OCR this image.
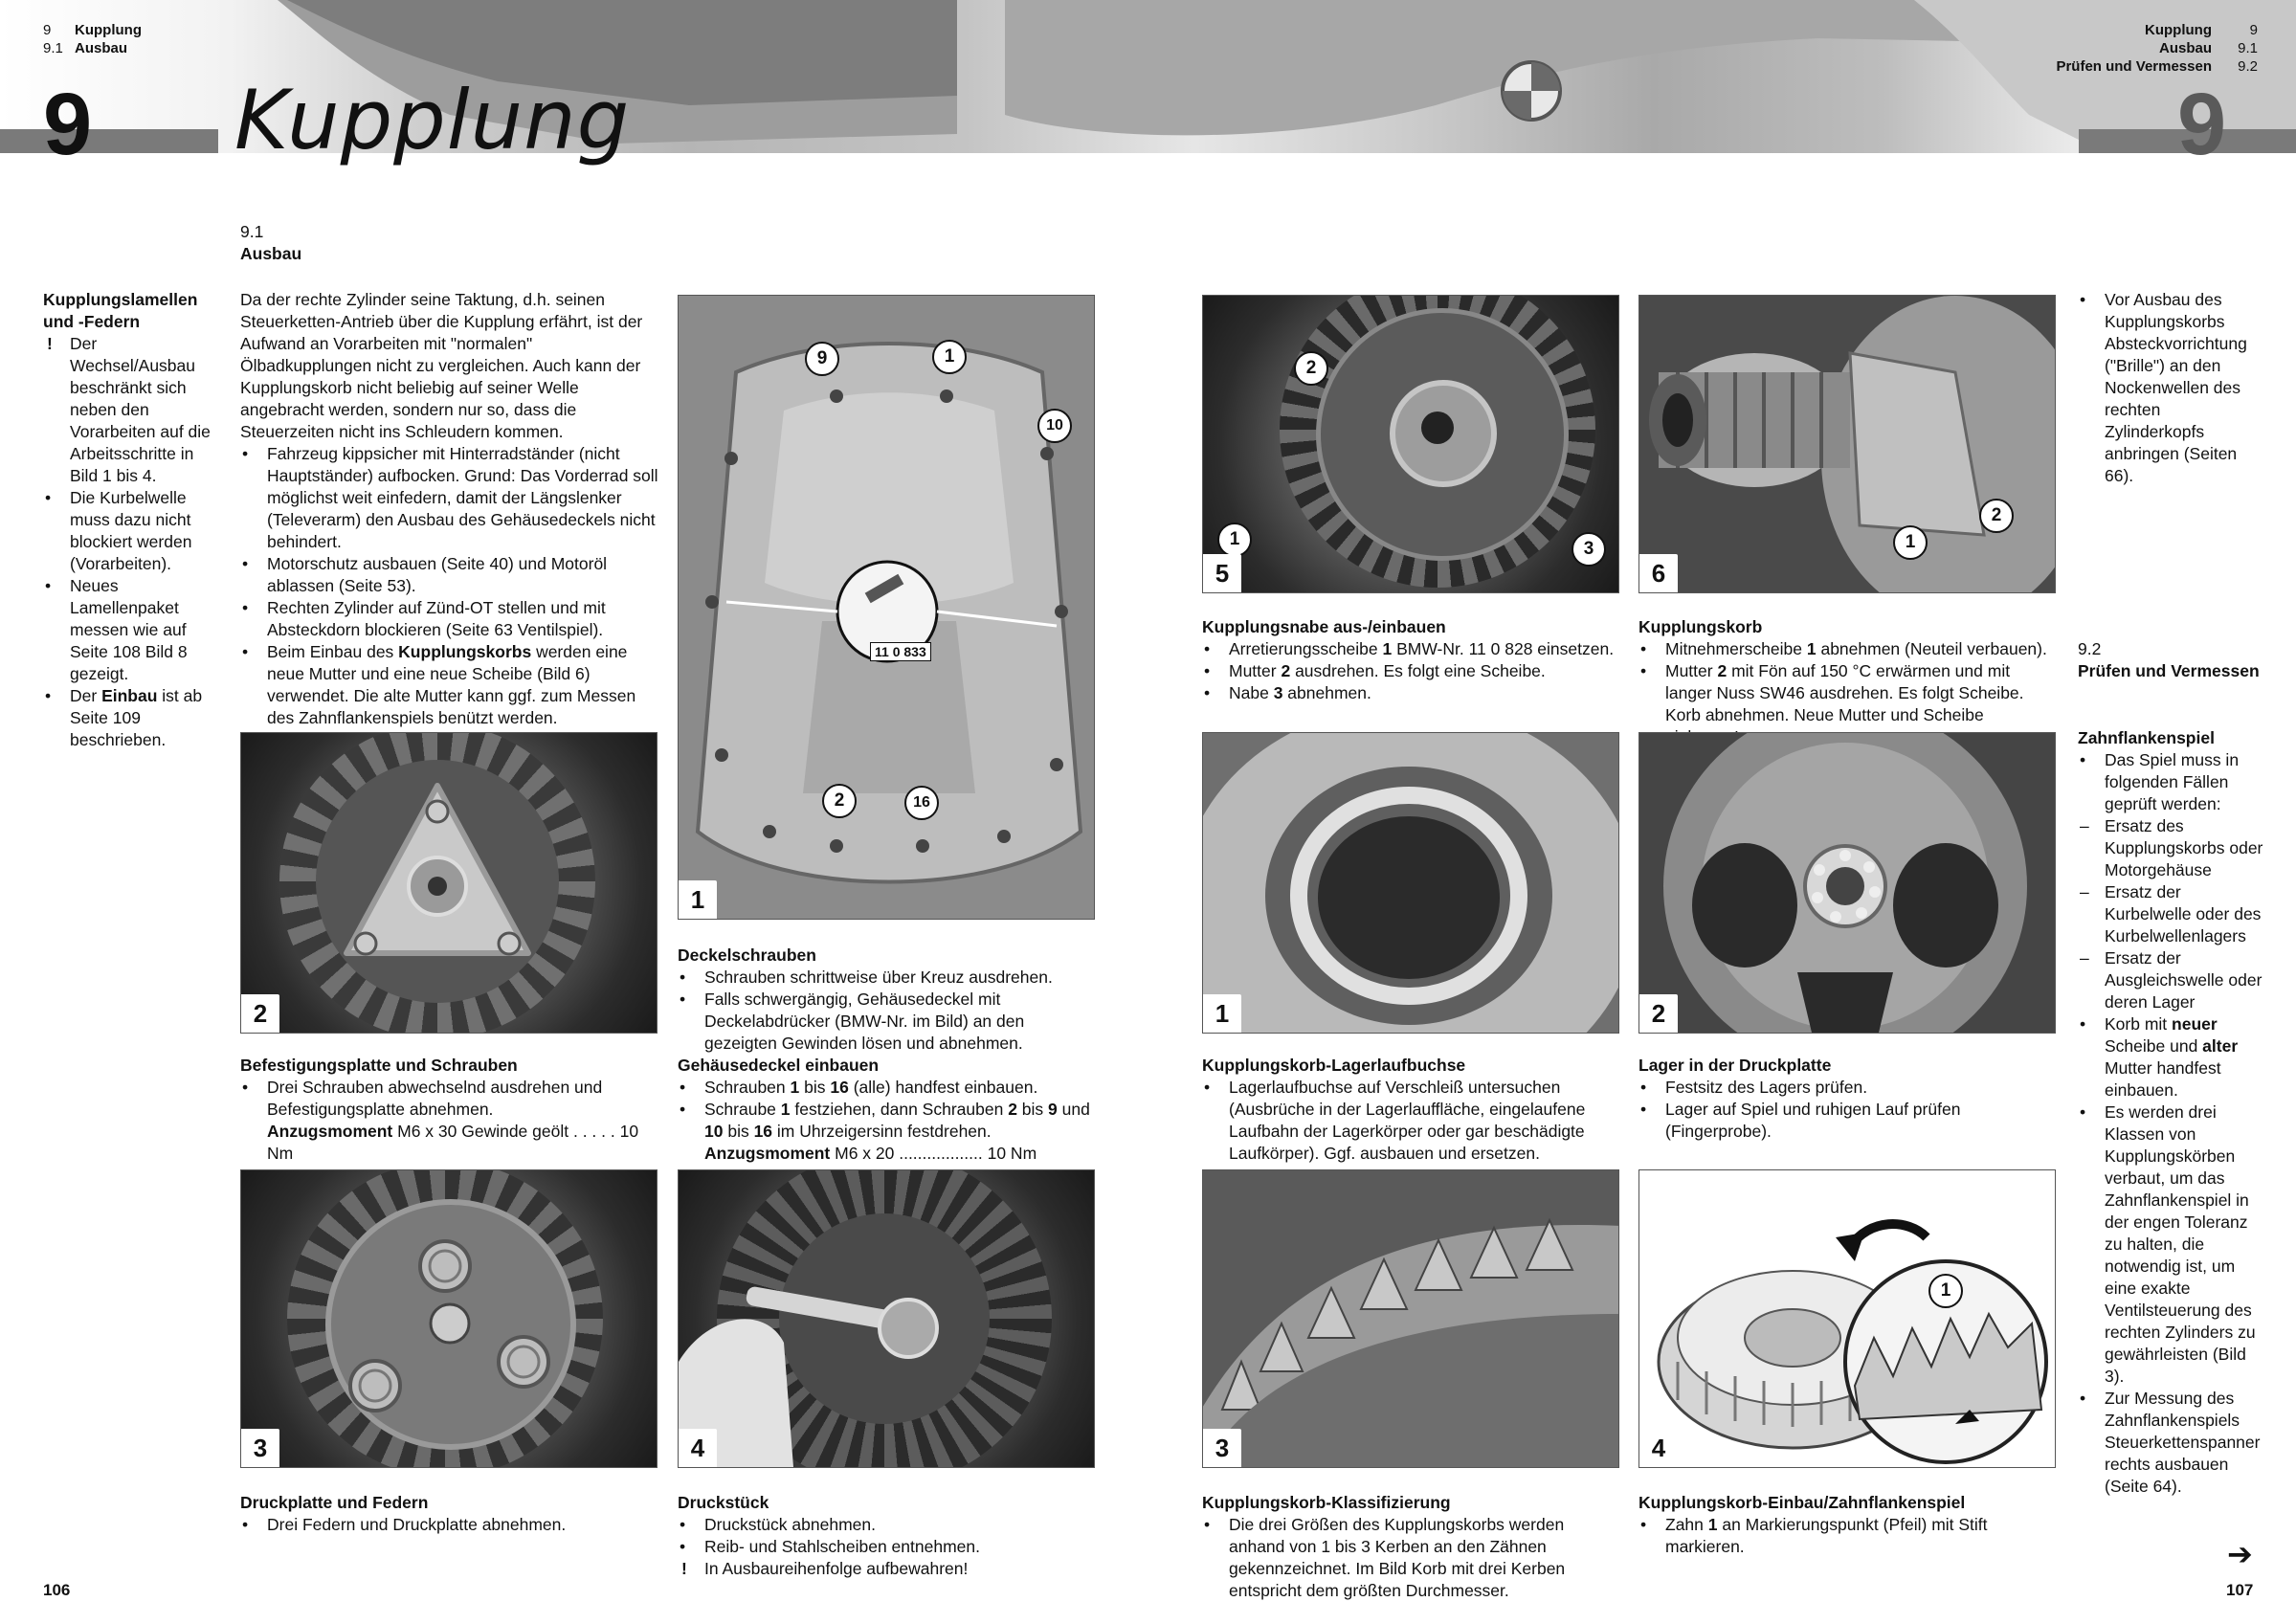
9 Kupplung
9.1 Ausbau
Kupplung	9
Ausbau 9.1
Prüfen und Vermessen 9.2
9	9
Kupplung
9.1
Ausbau

Kupplungslamellen und -Federn

! Der Wechsel/Ausbau beschränkt sich neben den Vorarbeiten auf die Arbeitsschritte in Bild 1 bis 4.
• Die Kurbelwelle muss dazu nicht blockiert werden (Vorarbeiten).
• Neues Lamellenpaket messen wie auf Seite 108 Bild 8 gezeigt.
• Der Einbau ist ab Seite 109 beschrieben.

Da der rechte Zylinder seine Taktung, d.h. seinen Steuerketten-Antrieb über die Kupplung erfährt, ist der Aufwand an Vorarbeiten mit "normalen" Ölbadkupplungen nicht zu vergleichen. Auch kann der Kupplungskorb nicht beliebig auf seiner Welle angebracht werden, sondern nur so, dass die Steuerzeiten nicht ins Schleudern kommen.

• Fahrzeug kippsicher mit Hinterradständer (nicht Hauptständer) aufbocken. Grund: Das Vorderrad soll möglichst weit einfedern, damit der Längslenker (Televerarm) den Ausbau des Gehäusedeckels nicht behindert.
• Motorschutz ausbauen (Seite 40) und Motoröl ablassen (Seite 53).
• Rechten Zylinder auf Zünd-OT stellen und mit Absteckdorn blockieren (Seite 63 Ventilspiel).
• Beim Einbau des Kupplungskorbs werden eine neue Mutter und eine neue Scheibe (Bild 6) verwendet. Die alte Mutter kann ggf. zum Messen des Zahnflankenspiels benützt werden.
11 0 833
9	1
10
2	16
1
2

Befestigungsplatte und Schrauben

• Drei Schrauben abwechselnd ausdrehen und Befestigungsplatte abnehmen.
Anzugsmoment M6 x 30 Gewinde geölt . . . . . 10 Nm

Deckelschrauben

• Schrauben schrittweise über Kreuz ausdrehen.
• Falls schwergängig, Gehäusedeckel mit Deckelabdrücker (BMW-Nr. im Bild) an den gezeigten Gewinden lösen und abnehmen.

Gehäusedeckel einbauen

• Schrauben 1 bis 16 (alle) handfest einbauen.
• Schraube 1 festziehen, dann Schrauben 2 bis 9 und 10 bis 16 im Uhrzeigersinn festdrehen.
Anzugsmoment M6 x 20 .................. 10 Nm
3	4

Druckplatte und Federn

• Drei Federn und Druckplatte abnehmen.

Druckstück

• Druckstück abnehmen.
• Reib- und Stahlscheiben entnehmen.
! In Ausbaureihenfolge aufbewahren!
106
2
1	3
5
1
2
6
• Vor Ausbau des Kupplungskorbs Absteckvorrichtung ("Brille") an den Nockenwellen des rechten Zylinderkopfs anbringen (Seiten 66).

Kupplungsnabe aus-/einbauen

• Arretierungsscheibe 1 BMW-Nr. 11 0 828 einsetzen.
• Mutter 2 ausdrehen. Es folgt eine Scheibe.
• Nabe 3 abnehmen.

Kupplungskorb

• Mitnehmerscheibe 1 abnehmen (Neuteil verbauen).
• Mutter 2 mit Fön auf 150 °C erwärmen und mit langer Nuss SW46 ausdrehen. Es folgt Scheibe. Korb abnehmen. Neue Mutter und Scheibe
9.2
Prüfen und Vermessen

Zahnflankenspiel

• Das Spiel muss in folgenden Fällen geprüft werden:
– Ersatz des Kupplungskorbs oder Motorgehäuse
– Ersatz der Kurbelwelle oder des Kurbelwellenlagers
– Ersatz der Ausgleichswelle oder deren Lager
• Korb mit neuer Scheibe und alter Mutter handfest einbauen.
• Es werden drei Klassen von Kupplungskörben verbaut, um das Zahnflankenspiel in der engen Toleranz zu halten, die notwendig ist, um eine exakte Ventilsteuerung des rechten Zylinders zu gewährleisten (Bild 3).
• Zur Messung des Zahnflankenspiels Steuerkettenspanner rechts ausbauen (Seite 64).
1	2

Kupplungskorb-Lagerlaufbuchse

• Lagerlaufbuchse auf Verschleiß untersuchen (Ausbrüche in der Lagerlauffläche, eingelaufene Laufbahn der Lagerkörper oder gar beschädigte Laufkörper). Ggf. ausbauen und ersetzen.

Lager in der Druckplatte

• Festsitz des Lagers prüfen.
• Lager auf Spiel und ruhigen Lauf prüfen (Fingerprobe).
3
1
4

Kupplungskorb-Klassifizierung

• Die drei Größen des Kupplungskorbs werden anhand von 1 bis 3 Kerben an den Zähnen gekennzeichnet. Im Bild Korb mit drei Kerben entspricht dem größten Durchmesser.

Kupplungskorb-Einbau/Zahnflankenspiel

• Zahn 1 an Markierungspunkt (Pfeil) mit Stift markieren.	➔
107
